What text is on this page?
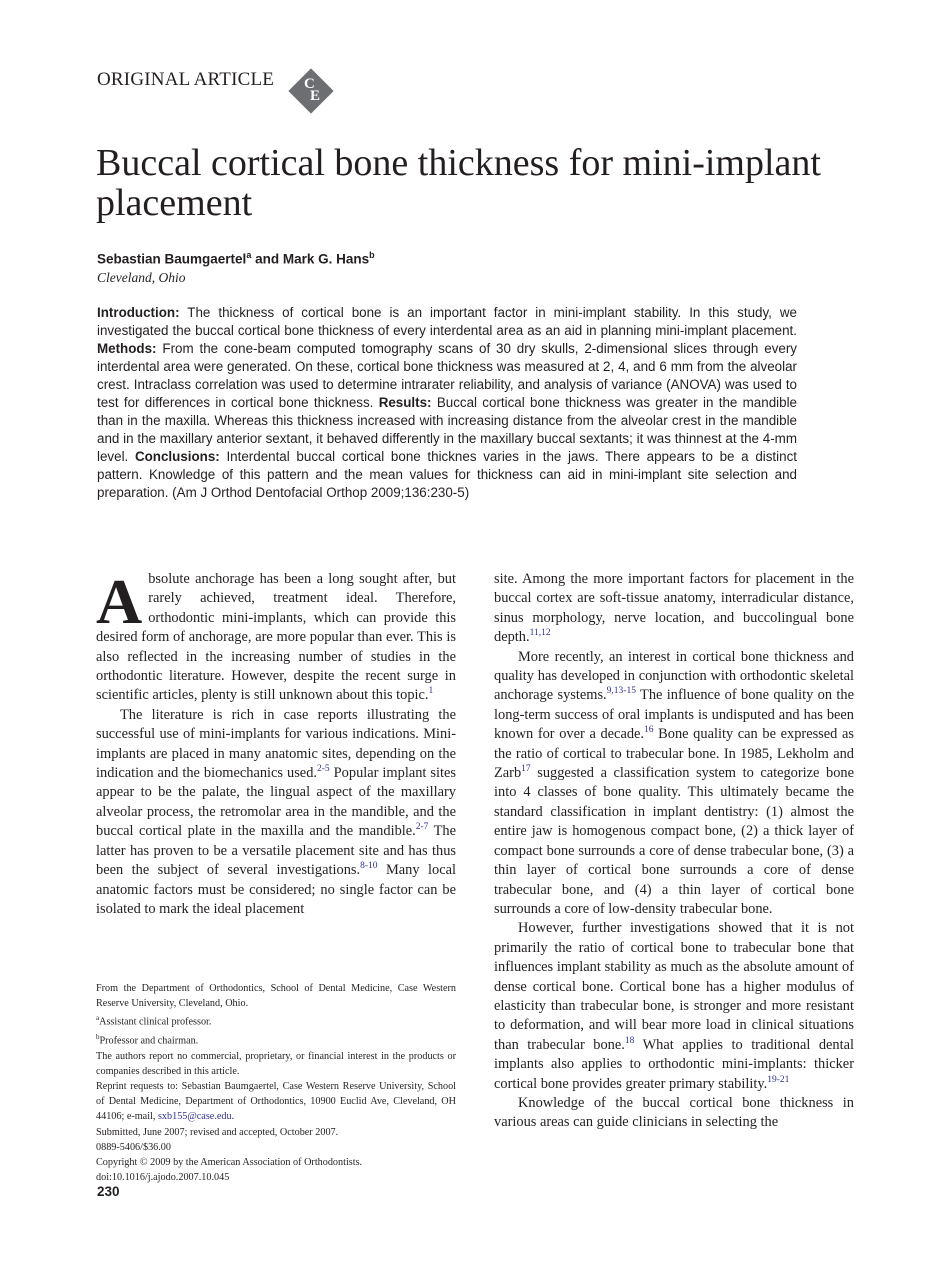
ORIGINAL ARTICLE C
E
Buccal cortical bone thickness for mini-implant placement
Sebastian Baumgaertel$^a$ and Mark G. Hans$^b$
Cleveland, Ohio
Introduction: The thickness of cortical bone is an important factor in mini-implant stability. In this study, we investigated the buccal cortical bone thickness of every interdental area as an aid in planning mini-implant placement. Methods: From the cone-beam computed tomography scans of 30 dry skulls, 2-dimensional slices through every interdental area were generated. On these, cortical bone thickness was measured at 2, 4, and 6 mm from the alveolar crest. Intraclass correlation was used to determine intrarater reliability, and analysis of variance (ANOVA) was used to test for differences in cortical bone thickness. Results: Buccal cortical bone thickness was greater in the mandible than in the maxilla. Whereas this thickness increased with increasing distance from the alveolar crest in the mandible and in the maxillary anterior sextant, it behaved differently in the maxillary buccal sextants; it was thinnest at the 4-mm level. Conclusions: Interdental buccal cortical bone thicknes varies in the jaws. There appears to be a distinct pattern. Knowledge of this pattern and the mean values for thickness can aid in mini-implant site selection and preparation. (Am J Orthod Dentofacial Orthop 2009;136:230-5)

Absolute anchorage has been a long sought after, but rarely achieved, treatment ideal. Therefore, orthodontic mini-implants, which can provide this desired form of anchorage, are more popular than ever. This is also reflected in the increasing number of studies in the orthodontic literature. However, despite the recent surge in scientific articles, plenty is still unknown about this topic.$^1$

The literature is rich in case reports illustrating the successful use of mini-implants for various indications. Mini-implants are placed in many anatomic sites, depending on the indication and the biomechanics used.$^{2-5}$ Popular implant sites appear to be the palate, the lingual aspect of the maxillary alveolar process, the retromolar area in the mandible, and the buccal cortical plate in the maxilla and the mandible.$^{2-7}$ The latter has proven to be a versatile placement site and has thus been the subject of several investigations.$^{8-10}$ Many local anatomic factors must be considered; no single factor can be isolated to mark the ideal placement

From the Department of Orthodontics, School of Dental Medicine, Case Western Reserve University, Cleveland, Ohio.

$^a$Assistant clinical professor.

$^b$Professor and chairman.

The authors report no commercial, proprietary, or financial interest in the products or companies described in this article.

Reprint requests to: Sebastian Baumgaertel, Case Western Reserve University, School of Dental Medicine, Department of Orthodontics, 10900 Euclid Ave, Cleveland, OH 44106; e-mail, sxb155@case.edu.

Submitted, June 2007; revised and accepted, October 2007.

0889-5406/$36.00

Copyright © 2009 by the American Association of Orthodontists.

doi:10.1016/j.ajodo.2007.10.045

site. Among the more important factors for placement in the buccal cortex are soft-tissue anatomy, interradicular distance, sinus morphology, nerve location, and buccolingual bone depth.$^{11,12}$

More recently, an interest in cortical bone thickness and quality has developed in conjunction with orthodontic skeletal anchorage systems.$^{9,13-15}$ The influence of bone quality on the long-term success of oral implants is undisputed and has been known for over a decade.$^{16}$ Bone quality can be expressed as the ratio of cortical to trabecular bone. In 1985, Lekholm and Zarb$^{17}$ suggested a classification system to categorize bone into 4 classes of bone quality. This ultimately became the standard classification in implant dentistry: (1) almost the entire jaw is homogenous compact bone, (2) a thick layer of compact bone surrounds a core of dense trabecular bone, (3) a thin layer of cortical bone surrounds a core of dense trabecular bone, and (4) a thin layer of cortical bone surrounds a core of low-density trabecular bone.

However, further investigations showed that it is not primarily the ratio of cortical bone to trabecular bone that influences implant stability as much as the absolute amount of dense cortical bone. Cortical bone has a higher modulus of elasticity than trabecular bone, is stronger and more resistant to deformation, and will bear more load in clinical situations than trabecular bone.$^{18}$ What applies to traditional dental implants also applies to orthodontic mini-implants: thicker cortical bone provides greater primary stability.$^{19-21}$

Knowledge of the buccal cortical bone thickness in various areas can guide clinicians in selecting the

230
